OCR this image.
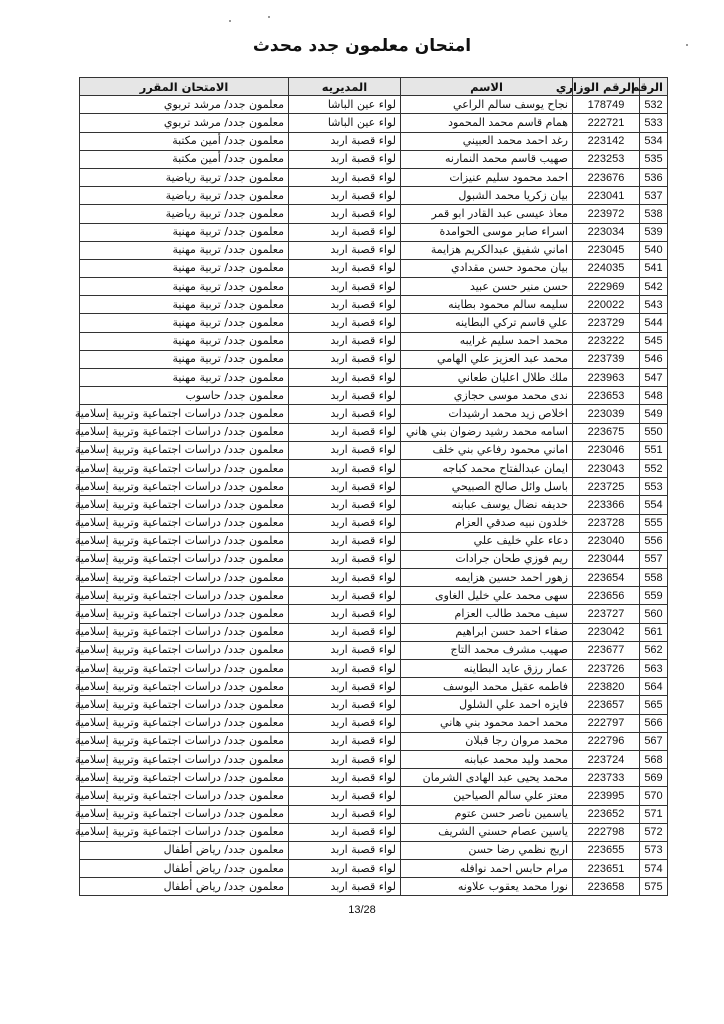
امتحان معلمون جدد محدث
الرقم	الرقم الوزاري	الاسم	المديريه	الامتحان المقرر
532	178749	نجاح يوسف سالم الراعي	لواء عين الباشا	معلمون جدد/ مرشد تربوي
533	222721	همام قاسم محمد المحمود	لواء عين الباشا	معلمون جدد/ مرشد تربوي
534	223142	رغد احمد محمد العبيني	لواء قصبة اربد	معلمون جدد/ أمين مكتبة
535	223253	صهيب قاسم محمد النمارنه	لواء قصبة اربد	معلمون جدد/ أمين مكتبة
536	223676	احمد محمود سليم عنيزات	لواء قصبة اربد	معلمون جدد/ تربية رياضية
537	223041	بيان زكريا محمد الشبول	لواء قصبة اربد	معلمون جدد/ تربية رياضية
538	223972	معاذ عيسى عبد القادر ابو قمر	لواء قصبة اربد	معلمون جدد/ تربية رياضية
539	223034	اسراء صابر موسى الحوامدة	لواء قصبة اربد	معلمون جدد/ تربية مهنية
540	223045	اماني شفيق عبدالكريم هزايمة	لواء قصبة اربد	معلمون جدد/ تربية مهنية
541	224035	بيان محمود حسن مقدادي	لواء قصبة اربد	معلمون جدد/ تربية مهنية
542	222969	حسن منير حسن عبيد	لواء قصبة اربد	معلمون جدد/ تربية مهنية
543	220022	سليمه سالم محمود بطاينه	لواء قصبة اربد	معلمون جدد/ تربية مهنية
544	223729	علي قاسم تركي البطاينه	لواء قصبة اربد	معلمون جدد/ تربية مهنية
545	223222	محمد احمد سليم غرايبه	لواء قصبة اربد	معلمون جدد/ تربية مهنية
546	223739	محمد عبد العزيز علي الهامي	لواء قصبة اربد	معلمون جدد/ تربية مهنية
547	223963	ملك طلال اعليان طعاني	لواء قصبة اربد	معلمون جدد/ تربية مهنية
548	223653	ندى محمد موسى حجازي	لواء قصبة اربد	معلمون جدد/ حاسوب
549	223039	اخلاص زيد محمد ارشيدات	لواء قصبة اربد	معلمون جدد/ دراسات اجتماعية وتربية إسلامية
550	223675	اسامه محمد رشيد رضوان بني هاني	لواء قصبة اربد	معلمون جدد/ دراسات اجتماعية وتربية إسلامية
551	223046	اماني محمود رفاعي بني خلف	لواء قصبة اربد	معلمون جدد/ دراسات اجتماعية وتربية إسلامية
552	223043	ايمان عبدالفتاح محمد كباجه	لواء قصبة اربد	معلمون جدد/ دراسات اجتماعية وتربية إسلامية
553	223725	باسل وائل صالح الصبيحي	لواء قصبة اربد	معلمون جدد/ دراسات اجتماعية وتربية إسلامية
554	223366	حديفه نضال يوسف عبابنه	لواء قصبة اربد	معلمون جدد/ دراسات اجتماعية وتربية إسلامية
555	223728	خلدون نبيه صدقي العزام	لواء قصبة اربد	معلمون جدد/ دراسات اجتماعية وتربية إسلامية
556	223040	دعاء علي خليف علي	لواء قصبة اربد	معلمون جدد/ دراسات اجتماعية وتربية إسلامية
557	223044	ريم فوزي طحان جرادات	لواء قصبة اربد	معلمون جدد/ دراسات اجتماعية وتربية إسلامية
558	223654	زهور احمد حسين هزايمه	لواء قصبة اربد	معلمون جدد/ دراسات اجتماعية وتربية إسلامية
559	223656	سهى محمد علي خليل الغاوى	لواء قصبة اربد	معلمون جدد/ دراسات اجتماعية وتربية إسلامية
560	223727	سيف محمد طالب العزام	لواء قصبة اربد	معلمون جدد/ دراسات اجتماعية وتربية إسلامية
561	223042	صفاء احمد حسن ابراهيم	لواء قصبة اربد	معلمون جدد/ دراسات اجتماعية وتربية إسلامية
562	223677	صهيب مشرف محمد التاج	لواء قصبة اربد	معلمون جدد/ دراسات اجتماعية وتربية إسلامية
563	223726	عمار رزق عايد البطاينه	لواء قصبة اربد	معلمون جدد/ دراسات اجتماعية وتربية إسلامية
564	223820	فاطمه عقيل محمد اليوسف	لواء قصبة اربد	معلمون جدد/ دراسات اجتماعية وتربية إسلامية
565	223657	فايزه احمد علي الشلول	لواء قصبة اربد	معلمون جدد/ دراسات اجتماعية وتربية إسلامية
566	222797	محمد احمد محمود بني هاني	لواء قصبة اربد	معلمون جدد/ دراسات اجتماعية وتربية إسلامية
567	222796	محمد مروان رجا قبلان	لواء قصبة اربد	معلمون جدد/ دراسات اجتماعية وتربية إسلامية
568	223724	محمد وليد محمد عبابنه	لواء قصبة اربد	معلمون جدد/ دراسات اجتماعية وتربية إسلامية
569	223733	محمد يحيى عبد الهادى الشرمان	لواء قصبة اربد	معلمون جدد/ دراسات اجتماعية وتربية إسلامية
570	223995	معتز علي سالم الصياحين	لواء قصبة اربد	معلمون جدد/ دراسات اجتماعية وتربية إسلامية
571	223652	ياسمين ناصر حسن عتوم	لواء قصبة اربد	معلمون جدد/ دراسات اجتماعية وتربية إسلامية
572	222798	ياسين عصام حسني الشريف	لواء قصبة اربد	معلمون جدد/ دراسات اجتماعية وتربية إسلامية
573	223655	اريج نظمي رضا حسن	لواء قصبة اربد	معلمون جدد/ رياض أطفال
574	223651	مرام حابس احمد نوافله	لواء قصبة اربد	معلمون جدد/ رياض أطفال
575	223658	نورا محمد يعقوب علاونه	لواء قصبة اربد	معلمون جدد/ رياض أطفال
13/28
